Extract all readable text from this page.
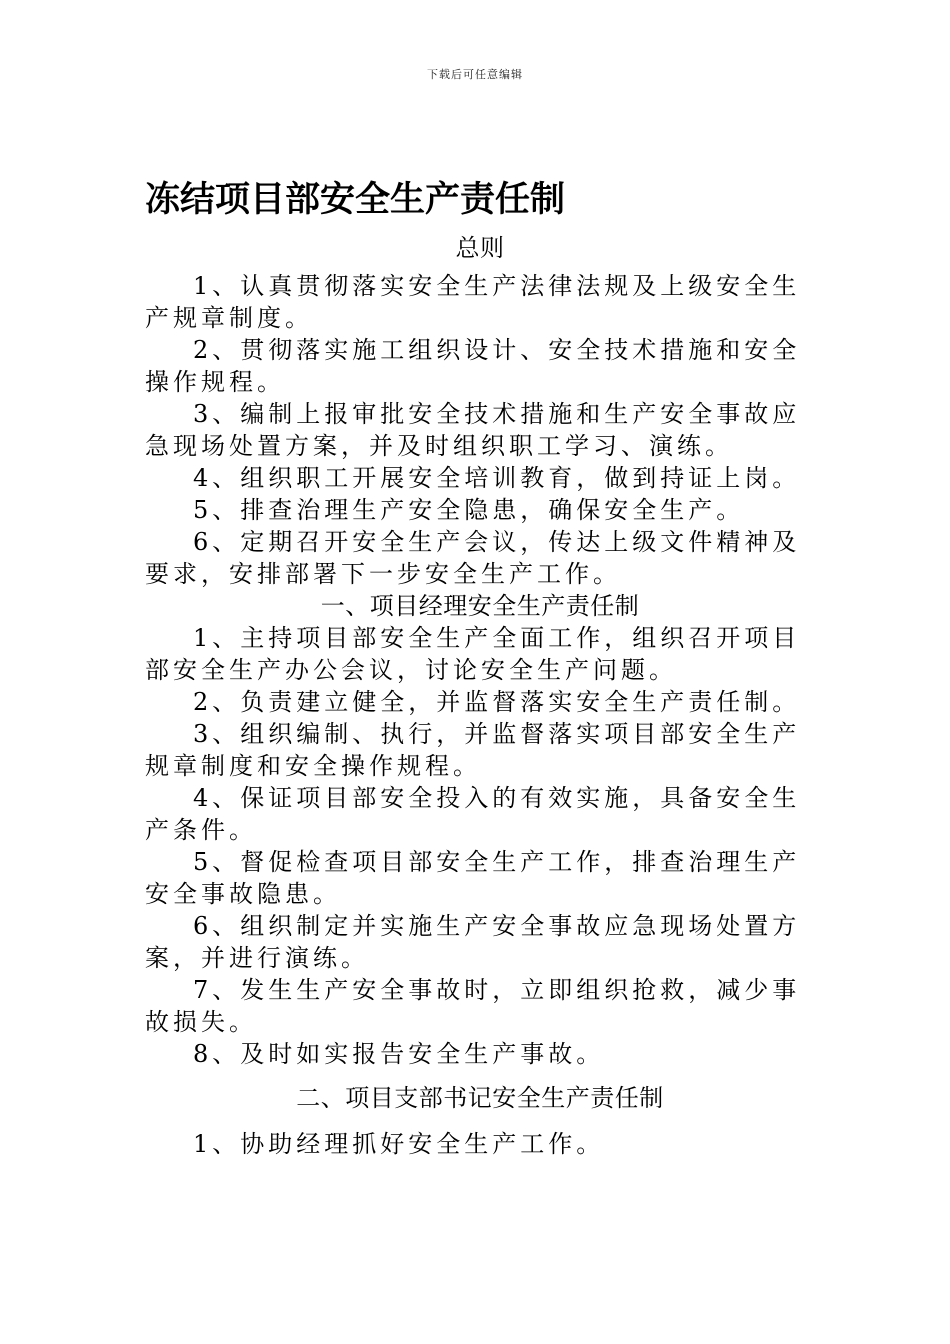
下载后可任意编辑
冻结项目部安全生产责任制
总则

1、认真贯彻落实安全生产法律法规及上级安全生产规章制度。

2、贯彻落实施工组织设计、安全技术措施和安全操作规程。

3、编制上报审批安全技术措施和生产安全事故应急现场处置方案，并及时组织职工学习、演练。

4、组织职工开展安全培训教育，做到持证上岗。

5、排查治理生产安全隐患，确保安全生产。

6、定期召开安全生产会议，传达上级文件精神及要求，安排部署下一步安全生产工作。

一、项目经理安全生产责任制

1、主持项目部安全生产全面工作，组织召开项目部安全生产办公会议，讨论安全生产问题。

2、负责建立健全，并监督落实安全生产责任制。

3、组织编制、执行，并监督落实项目部安全生产规章制度和安全操作规程。

4、保证项目部安全投入的有效实施，具备安全生产条件。

5、督促检查项目部安全生产工作，排查治理生产安全事故隐患。

6、组织制定并实施生产安全事故应急现场处置方案，并进行演练。

7、发生生产安全事故时，立即组织抢救，减少事故损失。

8、及时如实报告安全生产事故。

二、项目支部书记安全生产责任制

1、协助经理抓好安全生产工作。
